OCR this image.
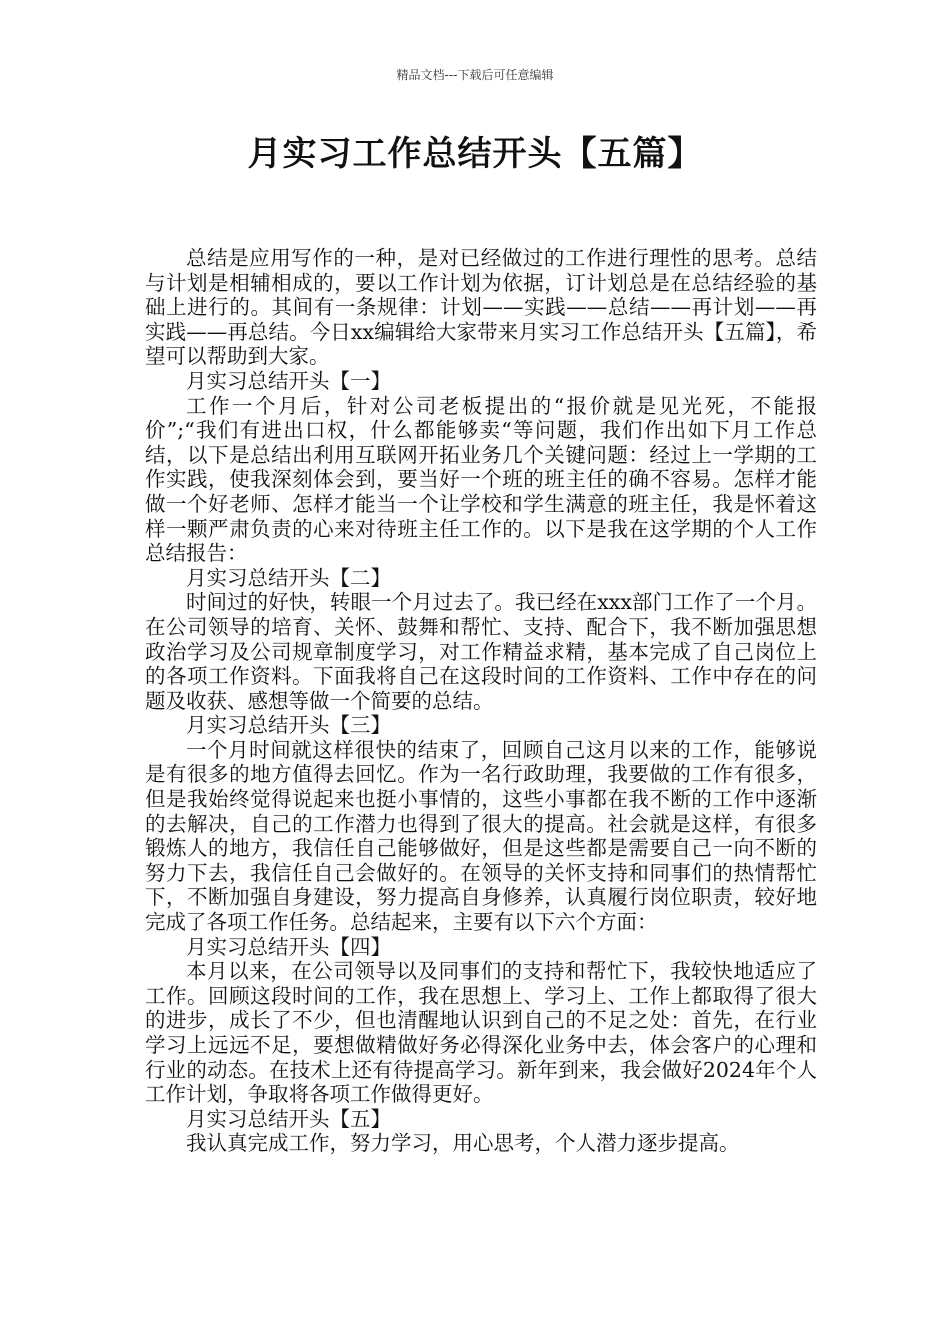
精品文档---下载后可任意编辑
月实习工作总结开头【五篇】

总结是应用写作的一种，是对已经做过的工作进行理性的思考。总结与计划是相辅相成的，要以工作计划为依据，订计划总是在总结经验的基础上进行的。其间有一条规律：计划——实践——总结——再计划——再实践——再总结。今日xx编辑给大家带来月实习工作总结开头【五篇】，希望可以帮助到大家。

月实习总结开头【一】

工作一个月后，针对公司老板提出的“报价就是见光死，不能报价”;“我们有进出口权，什么都能够卖“等问题，我们作出如下月工作总结，以下是总结出利用互联网开拓业务几个关键问题：经过上一学期的工作实践，使我深刻体会到，要当好一个班的班主任的确不容易。怎样才能做一个好老师、怎样才能当一个让学校和学生满意的班主任，我是怀着这样一颗严肃负责的心来对待班主任工作的。以下是我在这学期的个人工作总结报告：

月实习总结开头【二】

时间过的好快，转眼一个月过去了。我已经在xxx部门工作了一个月。在公司领导的培育、关怀、鼓舞和帮忙、支持、配合下，我不断加强思想政治学习及公司规章制度学习，对工作精益求精，基本完成了自己岗位上的各项工作资料。下面我将自己在这段时间的工作资料、工作中存在的问题及收获、感想等做一个简要的总结。

月实习总结开头【三】

一个月时间就这样很快的结束了，回顾自己这月以来的工作，能够说是有很多的地方值得去回忆。作为一名行政助理，我要做的工作有很多，但是我始终觉得说起来也挺小事情的，这些小事都在我不断的工作中逐渐的去解决，自己的工作潜力也得到了很大的提高。社会就是这样，有很多锻炼人的地方，我信任自己能够做好，但是这些都是需要自己一向不断的努力下去，我信任自己会做好的。在领导的关怀支持和同事们的热情帮忙下，不断加强自身建设，努力提高自身修养，认真履行岗位职责，较好地完成了各项工作任务。总结起来，主要有以下六个方面：

月实习总结开头【四】

本月以来，在公司领导以及同事们的支持和帮忙下，我较快地适应了工作。回顾这段时间的工作，我在思想上、学习上、工作上都取得了很大的进步，成长了不少，但也清醒地认识到自己的不足之处：首先，在行业学习上远远不足，要想做精做好务必得深化业务中去，体会客户的心理和行业的动态。在技术上还有待提高学习。新年到来，我会做好2024年个人工作计划，争取将各项工作做得更好。

月实习总结开头【五】

我认真完成工作，努力学习，用心思考，个人潜力逐步提高。
